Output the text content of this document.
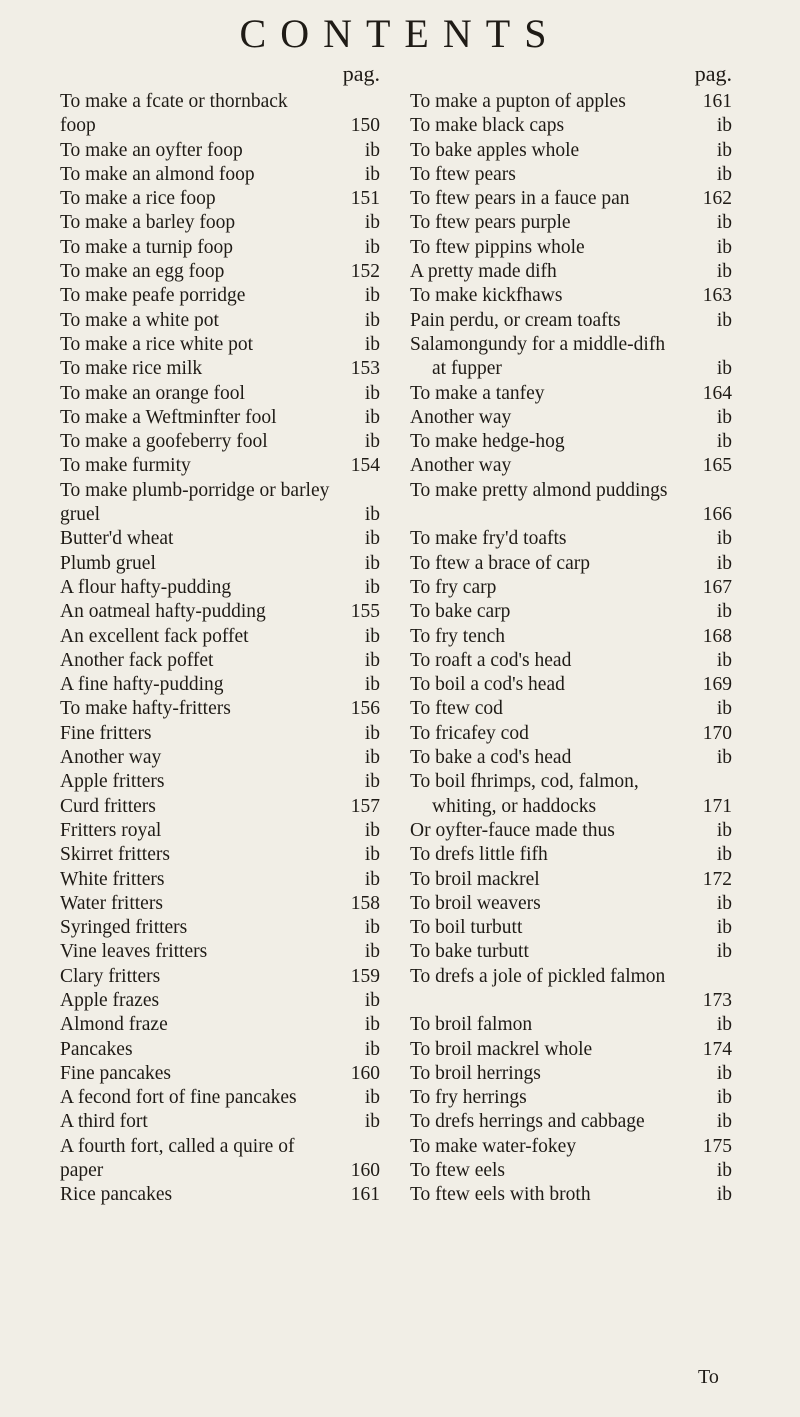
CONTENTS
pag.
To make a fcate or thornback
foop	150
To make an oyfter foop	ib
To make an almond foop	ib
To make a rice foop	151
To make a barley foop	ib
To make a turnip foop	ib
To make an egg foop	152
To make peafe porridge	ib
To make a white pot	ib
To make a rice white pot	ib
To make rice milk	153
To make an orange fool	ib
To make a Weftminfter fool	ib
To make a goofeberry fool	ib
To make furmity	154
To make plumb-porridge or barley
gruel	ib
Butter'd wheat	ib
Plumb gruel	ib
A flour hafty-pudding	ib
An oatmeal hafty-pudding	155
An excellent fack poffet	ib
Another fack poffet	ib
A fine hafty-pudding	ib
To make hafty-fritters	156
Fine fritters	ib
Another way	ib
Apple fritters	ib
Curd fritters	157
Fritters royal	ib
Skirret fritters	ib
White fritters	ib
Water fritters	158
Syringed fritters	ib
Vine leaves fritters	ib
Clary fritters	159
Apple frazes	ib
Almond fraze	ib
Pancakes	ib
Fine pancakes	160
A fecond fort of fine pancakes	ib
A third fort	ib
A fourth fort, called a quire of
paper	160
Rice pancakes	161
pag.
To make a pupton of apples	161
To make black caps	ib
To bake apples whole	ib
To ftew pears	ib
To ftew pears in a fauce pan	162
To ftew pears purple	ib
To ftew pippins whole	ib
A pretty made difh	ib
To make kickfhaws	163
Pain perdu, or cream toafts	ib
Salamongundy for a middle-difh
at fupper	ib
To make a tanfey	164
Another way	ib
To make hedge-hog	ib
Another way	165
To make pretty almond puddings
166
To make fry'd toafts	ib
To ftew a brace of carp	ib
To fry carp	167
To bake carp	ib
To fry tench	168
To roaft a cod's head	ib
To boil a cod's head	169
To ftew cod	ib
To fricafey cod	170
To bake a cod's head	ib
To boil fhrimps, cod, falmon,
whiting, or haddocks	171
Or oyfter-fauce made thus	ib
To drefs little fifh	ib
To broil mackrel	172
To broil weavers	ib
To boil turbutt	ib
To bake turbutt	ib
To drefs a jole of pickled falmon
173
To broil falmon	ib
To broil mackrel whole	174
To broil herrings	ib
To fry herrings	ib
To drefs herrings and cabbage	ib
To make water-fokey	175
To ftew eels	ib
To ftew eels with broth	ib
To
